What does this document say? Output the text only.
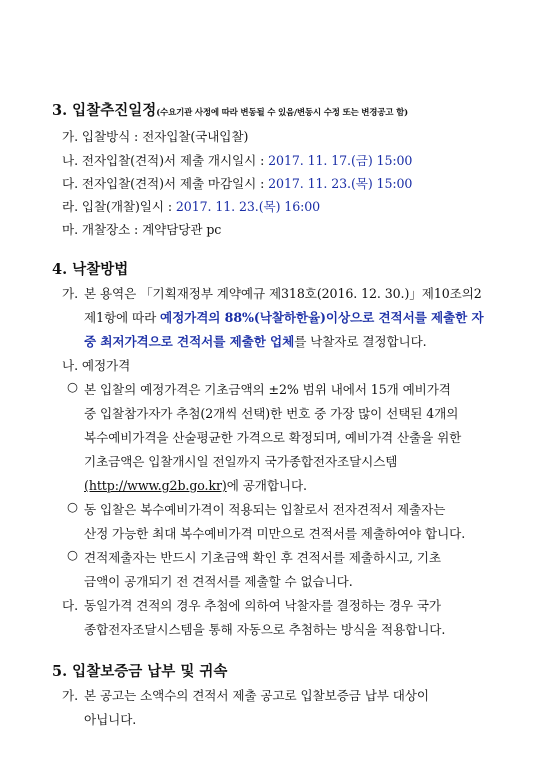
3. 입찰추진일정(수요기관 사정에 따라 변동될 수 있음/변동시 수정 또는 변경공고 함)
가. 입찰방식 : 전자입찰(국내입찰)
나. 전자입찰(견적)서 제출 개시일시 : 2017. 11. 17.(금) 15:00
다. 전자입찰(견적)서 제출 마감일시 : 2017. 11. 23.(목) 15:00
라. 입찰(개찰)일시 : 2017. 11. 23.(목) 16:00
마. 개찰장소 : 계약담당관 pc
4. 낙찰방법
가. 본 용역은 「기획재정부 계약예규 제318호(2016. 12. 30.)」제10조의2
제1항에 따라 예정가격의 88%(낙찰하한율)이상으로 견적서를 제출한 자
중 최저가격으로 견적서를 제출한 업체를 낙찰자로 결정합니다.
나. 예정가격
○ 본 입찰의 예정가격은 기초금액의 ±2% 범위 내에서 15개 예비가격
중 입찰참가자가 추첨(2개씩 선택)한 번호 중 가장 많이 선택된 4개의
복수예비가격을 산술평균한 가격으로 확정되며, 예비가격 산출을 위한
기초금액은 입찰개시일 전일까지 국가종합전자조달시스템
(http://www.g2b.go.kr)에 공개합니다.
○ 동 입찰은 복수예비가격이 적용되는 입찰로서 전자견적서 제출자는
산정 가능한 최대 복수예비가격 미만으로 견적서를 제출하여야 합니다.
○ 견적제출자는 반드시 기초금액 확인 후 견적서를 제출하시고, 기초
금액이 공개되기 전 견적서를 제출할 수 없습니다.
다. 동일가격 견적의 경우 추첨에 의하여 낙찰자를 결정하는 경우 국가
종합전자조달시스템을 통해 자동으로 추첨하는 방식을 적용합니다.
5. 입찰보증금 납부 및 귀속
가. 본 공고는 소액수의 견적서 제출 공고로 입찰보증금 납부 대상이
아닙니다.
